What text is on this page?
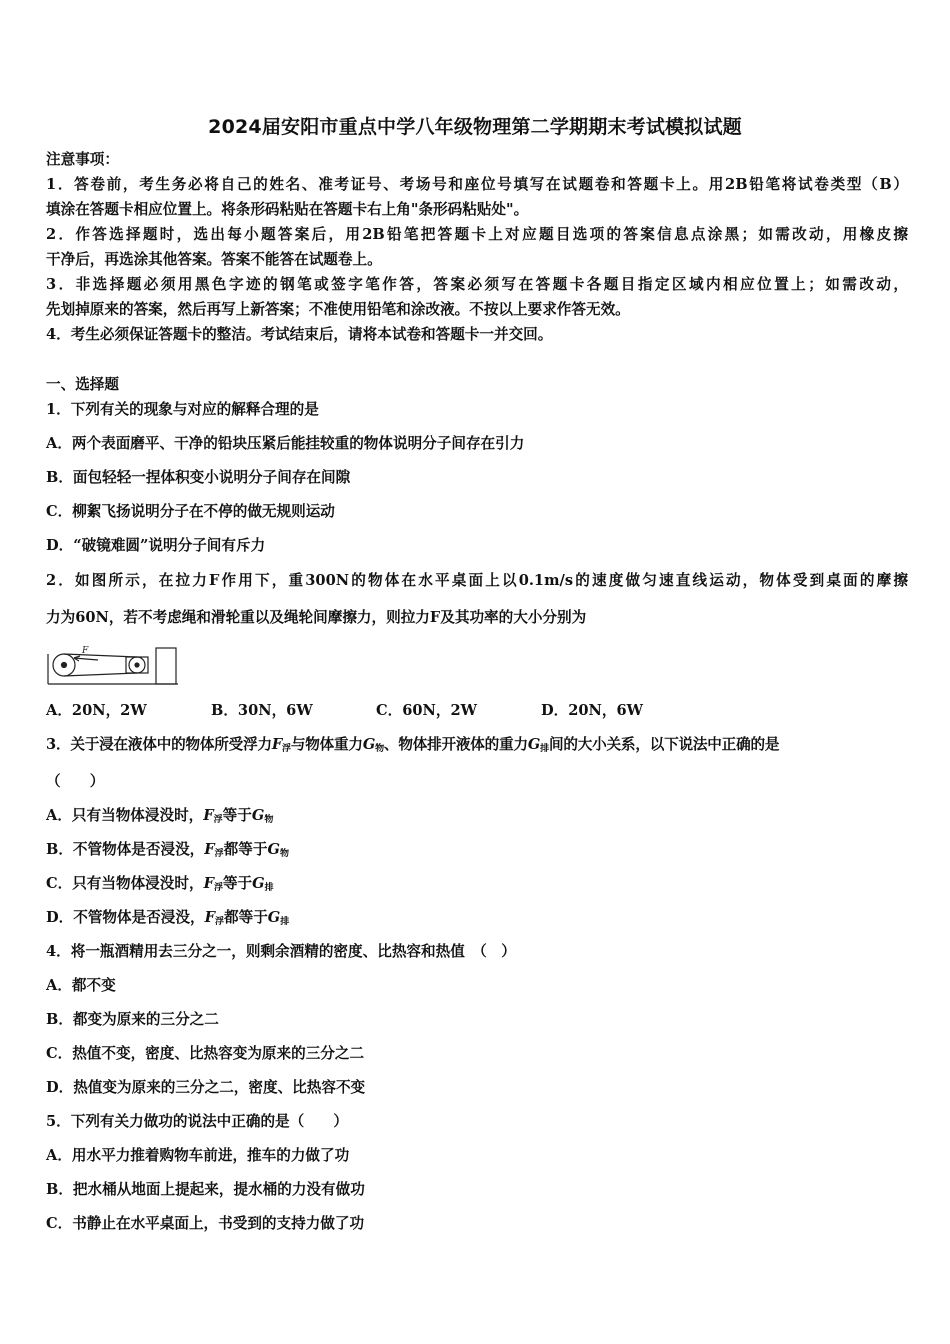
2024届安阳市重点中学八年级物理第二学期期末考试模拟试题
注意事项：
1．答卷前，考生务必将自己的姓名、准考证号、考场号和座位号填写在试题卷和答题卡上。用2B铅笔将试卷类型（B）
填涂在答题卡相应位置上。将条形码粘贴在答题卡右上角"条形码粘贴处"。
2．作答选择题时，选出每小题答案后，用2B铅笔把答题卡上对应题目选项的答案信息点涂黑；如需改动，用橡皮擦
干净后，再选涂其他答案。答案不能答在试题卷上。
3．非选择题必须用黑色字迹的钢笔或签字笔作答，答案必须写在答题卡各题目指定区域内相应位置上；如需改动，
先划掉原来的答案，然后再写上新答案；不准使用铅笔和涂改液。不按以上要求作答无效。
4．考生必须保证答题卡的整洁。考试结束后，请将本试卷和答题卡一并交回。
一、选择题
1．下列有关的现象与对应的解释合理的是
A．两个表面磨平、干净的铅块压紧后能挂较重的物体说明分子间存在引力
B．面包轻轻一捏体积变小说明分子间存在间隙
C．柳絮飞扬说明分子在不停的做无规则运动
D．“破镜难圆”说明分子间有斥力
2．如图所示，在拉力F作用下，重300N的物体在水平桌面上以0.1m/s的速度做匀速直线运动，物体受到桌面的摩擦
力为60N，若不考虑绳和滑轮重以及绳轮间摩擦力，则拉力F及其功率的大小分别为
F
A．20N，2W	B．30N，6W	C．60N，2W	D．20N，6W
3．关于浸在液体中的物体所受浮力$F_浮$与物体重力$G_物$、物体排开液体的重力$G_排$间的大小关系，以下说法中正确的是
（　　）
A．只有当物体浸没时，$F_浮$等于$G_物$
B．不管物体是否浸没，$F_浮$都等于$G_物$
C．只有当物体浸没时，$F_浮$等于$G_排$
D．不管物体是否浸没，$F_浮$都等于$G_排$
4．将一瓶酒精用去三分之一，则剩余酒精的密度、比热容和热值　（　）
A．都不变
B．都变为原来的三分之二
C．热值不变，密度、比热容变为原来的三分之二
D．热值变为原来的三分之二，密度、比热容不变
5．下列有关力做功的说法中正确的是（　　）
A．用水平力推着购物车前进，推车的力做了功
B．把水桶从地面上提起来，提水桶的力没有做功
C．书静止在水平桌面上，书受到的支持力做了功
